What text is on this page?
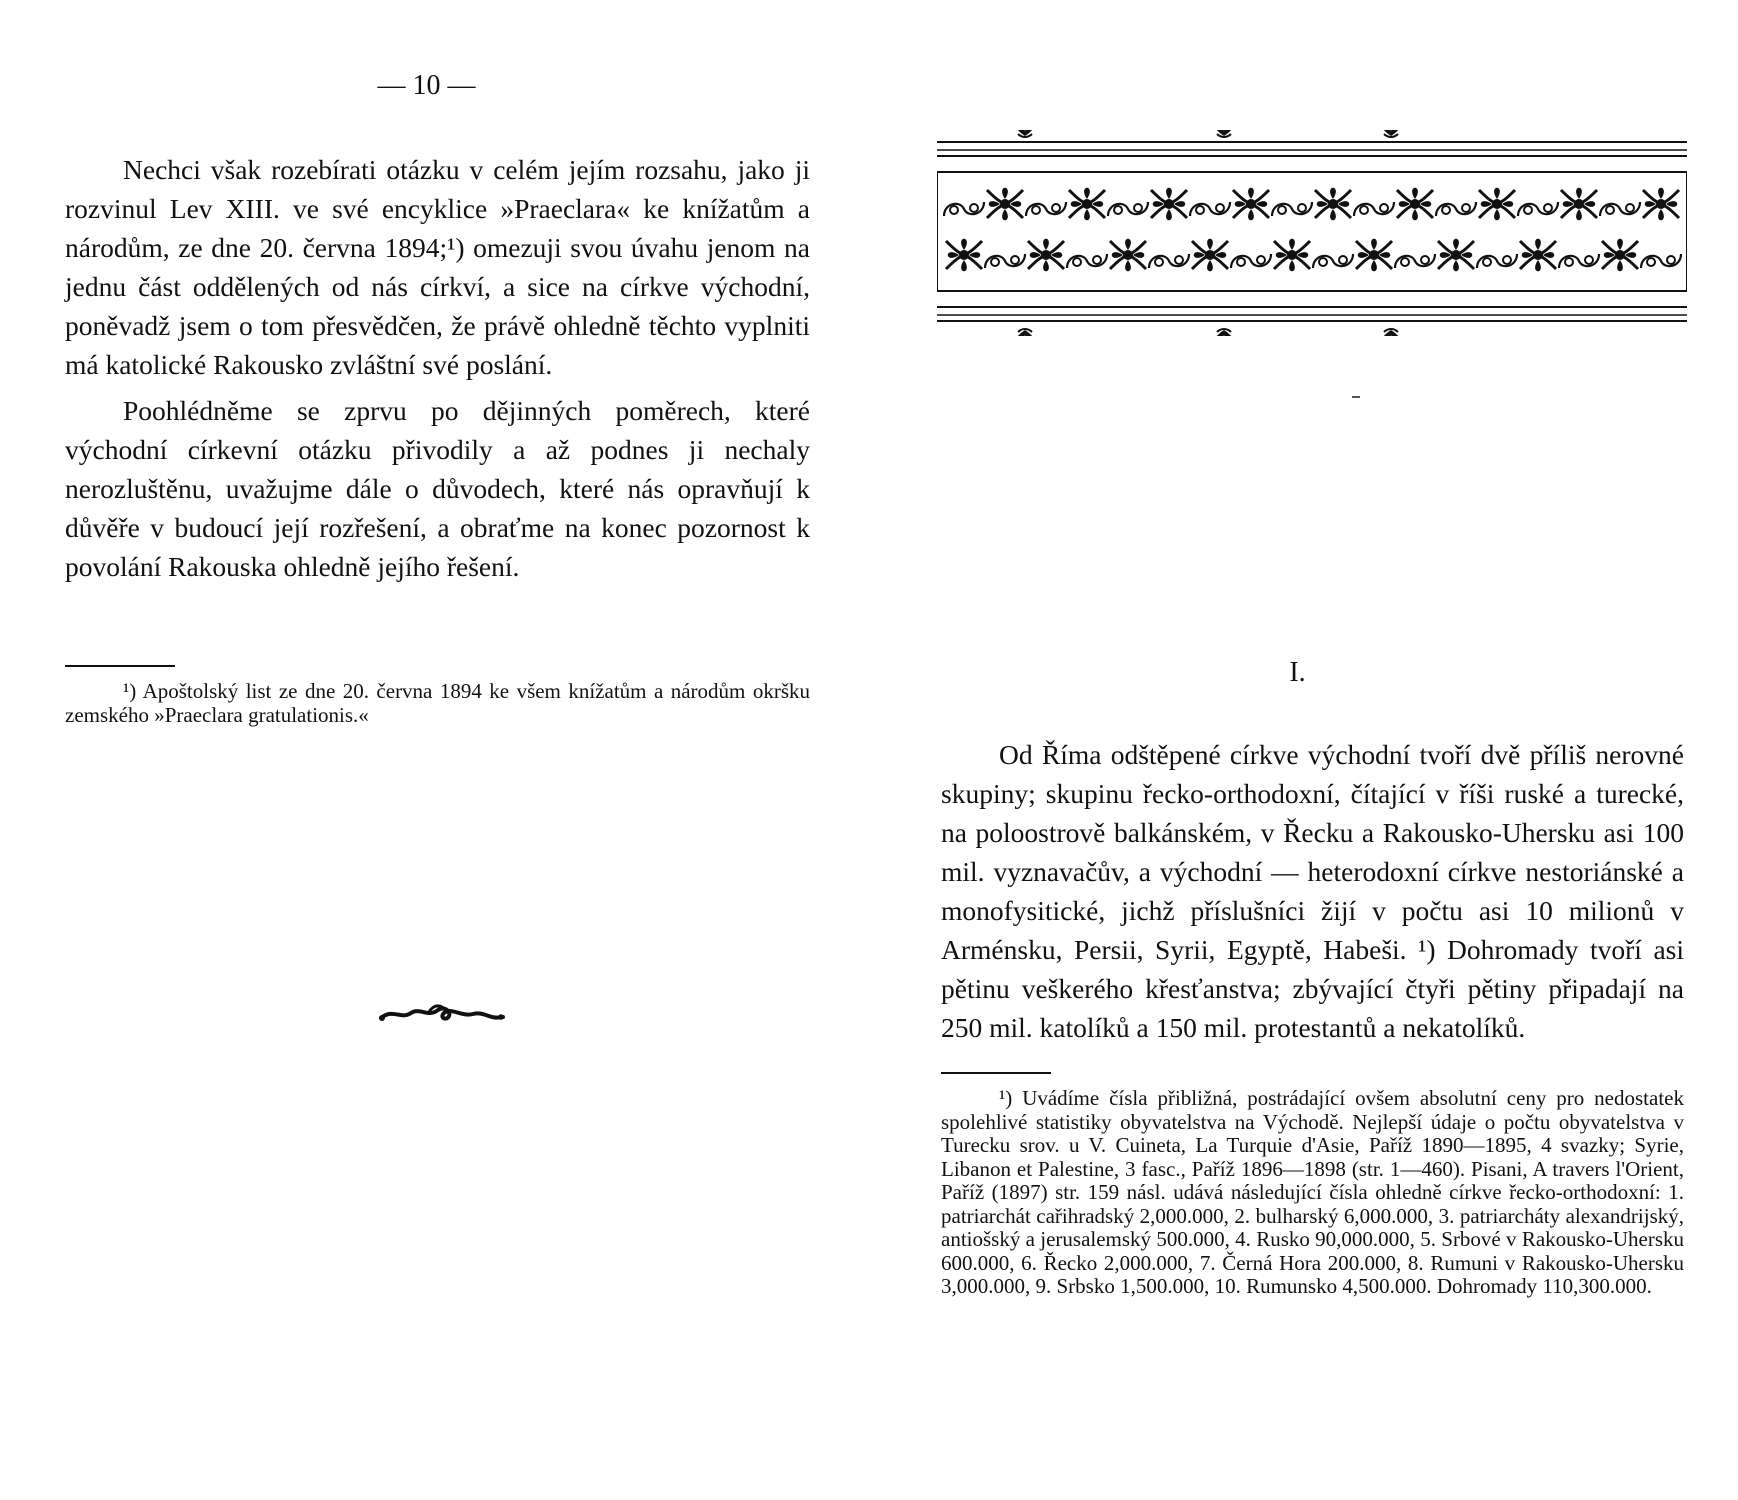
— 10 —

Nechci však rozebírati otázku v celém jejím rozsahu, jako ji rozvinul Lev XIII. ve své encyklice »Praeclara« ke knížatům a národům, ze dne 20. června 1894;¹) omezuji svou úvahu jenom na jednu část oddělených od nás církví, a sice na církve východní, poněvadž jsem o tom přesvědčen, že právě ohledně těchto vyplniti má katolické Rakousko zvláštní své poslání.

Poohlédněme se zprvu po dějinných poměrech, které východní církevní otázku přivodily a až podnes ji nechaly nerozluštěnu, uvažujme dále o důvodech, které nás opravňují k důvěře v budoucí její rozřešení, a obraťme na konec pozornost k povolání Rakouska ohledně jejího řešení.

¹) Apoštolský list ze dne 20. června 1894 ke všem knížatům a národům okršku zemského »Praeclara gratulationis.«

I.

Od Říma odštěpené církve východní tvoří dvě příliš nerovné skupiny; skupinu řecko-orthodoxní, čítající v říši ruské a turecké, na poloostrově balkánském, v Řecku a Rakousko-Uhersku asi 100 mil. vyznavačův, a východní — heterodoxní církve nestoriánské a monofysitické, jichž příslušníci žijí v počtu asi 10 milionů v Arménsku, Persii, Syrii, Egyptě, Habeši. ¹) Dohromady tvoří asi pětinu veškerého křesťanstva; zbývající čtyři pětiny připadají na 250 mil. katolíků a 150 mil. protestantů a nekatolíků.

¹) Uvádíme čísla přibližná, postrádající ovšem absolutní ceny pro nedostatek spolehlivé statistiky obyvatelstva na Východě. Nejlepší údaje o počtu obyvatelstva v Turecku srov. u V. Cuineta, La Turquie d'Asie, Paříž 1890—1895, 4 svazky; Syrie, Libanon et Palestine, 3 fasc., Paříž 1896—1898 (str. 1—460). Pisani, A travers l'Orient, Paříž (1897) str. 159 násl. udává následující čísla ohledně církve řecko-orthodoxní: 1. patriarchát cařihradský 2,000.000, 2. bulharský 6,000.000, 3. patriarcháty alexandrijský, antiošský a jerusalemský 500.000, 4. Rusko 90,000.000, 5. Srbové v Rakousko-Uhersku 600.000, 6. Řecko 2,000.000, 7. Černá Hora 200.000, 8. Rumuni v Rakousko-Uhersku 3,000.000, 9. Srbsko 1,500.000, 10. Rumunsko 4,500.000. Dohromady 110,300.000.
